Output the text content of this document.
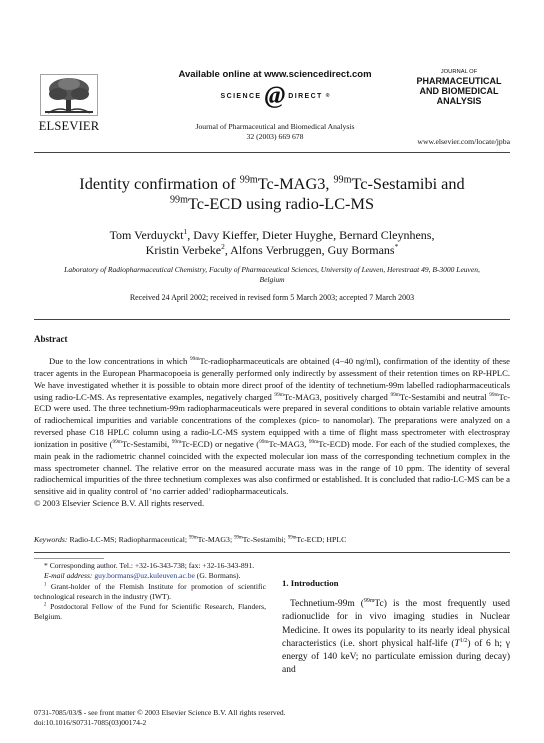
Available online at www.sciencedirect.com
SCIENCE @ DIRECT ®
ELSEVIER	Journal of Pharmaceutical and Biomedical Analysis
32 (2003) 669 678
JOURNAL OF
PHARMACEUTICAL
AND BIOMEDICAL
ANALYSIS
www.elsevier.com/locate/jpba
Identity confirmation of $^{99m}$Tc-MAG3, $^{99m}$Tc-Sestamibi and
$^{99m}$Tc-ECD using radio-LC-MS
Tom Verduyckt$^1$, Davy Kieffer, Dieter Huyghe, Bernard Cleynhens,
Kristin Verbeke$^2$, Alfons Verbruggen, Guy Bormans*
Laboratory of Radiopharmaceutical Chemistry, Faculty of Pharmaceutical Sciences, University of Leuven, Herestraat 49, B-3000 Leuven,
Belgium
Received 24 April 2002; received in revised form 5 March 2003; accepted 7 March 2003
Abstract
Due to the low concentrations in which $^{99m}$Tc-radiopharmaceuticals are obtained (4−40 ng/ml), confirmation of the identity of these tracer agents in the European Pharmacopoeia is generally performed only indirectly by assessment of their retention times on RP-HPLC. We have investigated whether it is possible to obtain more direct proof of the identity of technetium-99m labelled radiopharmaceuticals using radio-LC-MS. As representative examples, negatively charged $^{99m}$Tc-MAG3, positively charged $^{99m}$Tc-Sestamibi and neutral $^{99m}$Tc-ECD were used. The three technetium-99m radiopharmaceuticals were prepared in several conditions to obtain variable relative amounts of radiochemical impurities and variable concentrations of the complexes (pico- to nanomolar). The preparations were analyzed on a reversed phase C18 HPLC column using a radio-LC-MS system equipped with a time of flight mass spectrometer with electrospray ionization in positive ($^{99m}$Tc-Sestamibi, $^{99m}$Tc-ECD) or negative ($^{99m}$Tc-MAG3, $^{99m}$Tc-ECD) mode. For each of the studied complexes, the main peak in the radiometric channel coincided with the expected molecular ion mass of the corresponding technetium complex in the mass spectrometer channel. The relative error on the measured accurate mass was in the range of 10 ppm. The identity of several radiochemical impurities of the three technetium complexes was also confirmed or established. It is concluded that radio-LC-MS can be a sensitive aid in quality control of ‘no carrier added’ radiopharmaceuticals.
© 2003 Elsevier Science B.V. All rights reserved.
Keywords: Radio-LC-MS; Radiopharmaceutical; $^{99m}$Tc-MAG3; $^{99m}$Tc-Sestamibi; $^{99m}$Tc-ECD; HPLC
* Corresponding author. Tel.: +32-16-343-738; fax: +32-16-343-891.
E-mail address: guy.bormans@uz.kuleuven.ac.be (G. Bormans).
$^1$ Grant-holder of the Flemish Institute for promotion of scientific technological research in the industry (IWT).
$^2$ Postdoctoral Fellow of the Fund for Scientific Research, Flanders, Belgium.
1. Introduction
Technetium-99m ($^{99m}$Tc) is the most frequently used radionuclide for in vivo imaging studies in Nuclear Medicine. It owes its popularity to its nearly ideal physical characteristics (i.e. short physical half-life $(T^{1/2})$ of 6 h; γ energy of 140 keV; no particulate emission during decay) and
0731-7085/03/$ - see front matter © 2003 Elsevier Science B.V. All rights reserved.
doi:10.1016/S0731-7085(03)00174-2
